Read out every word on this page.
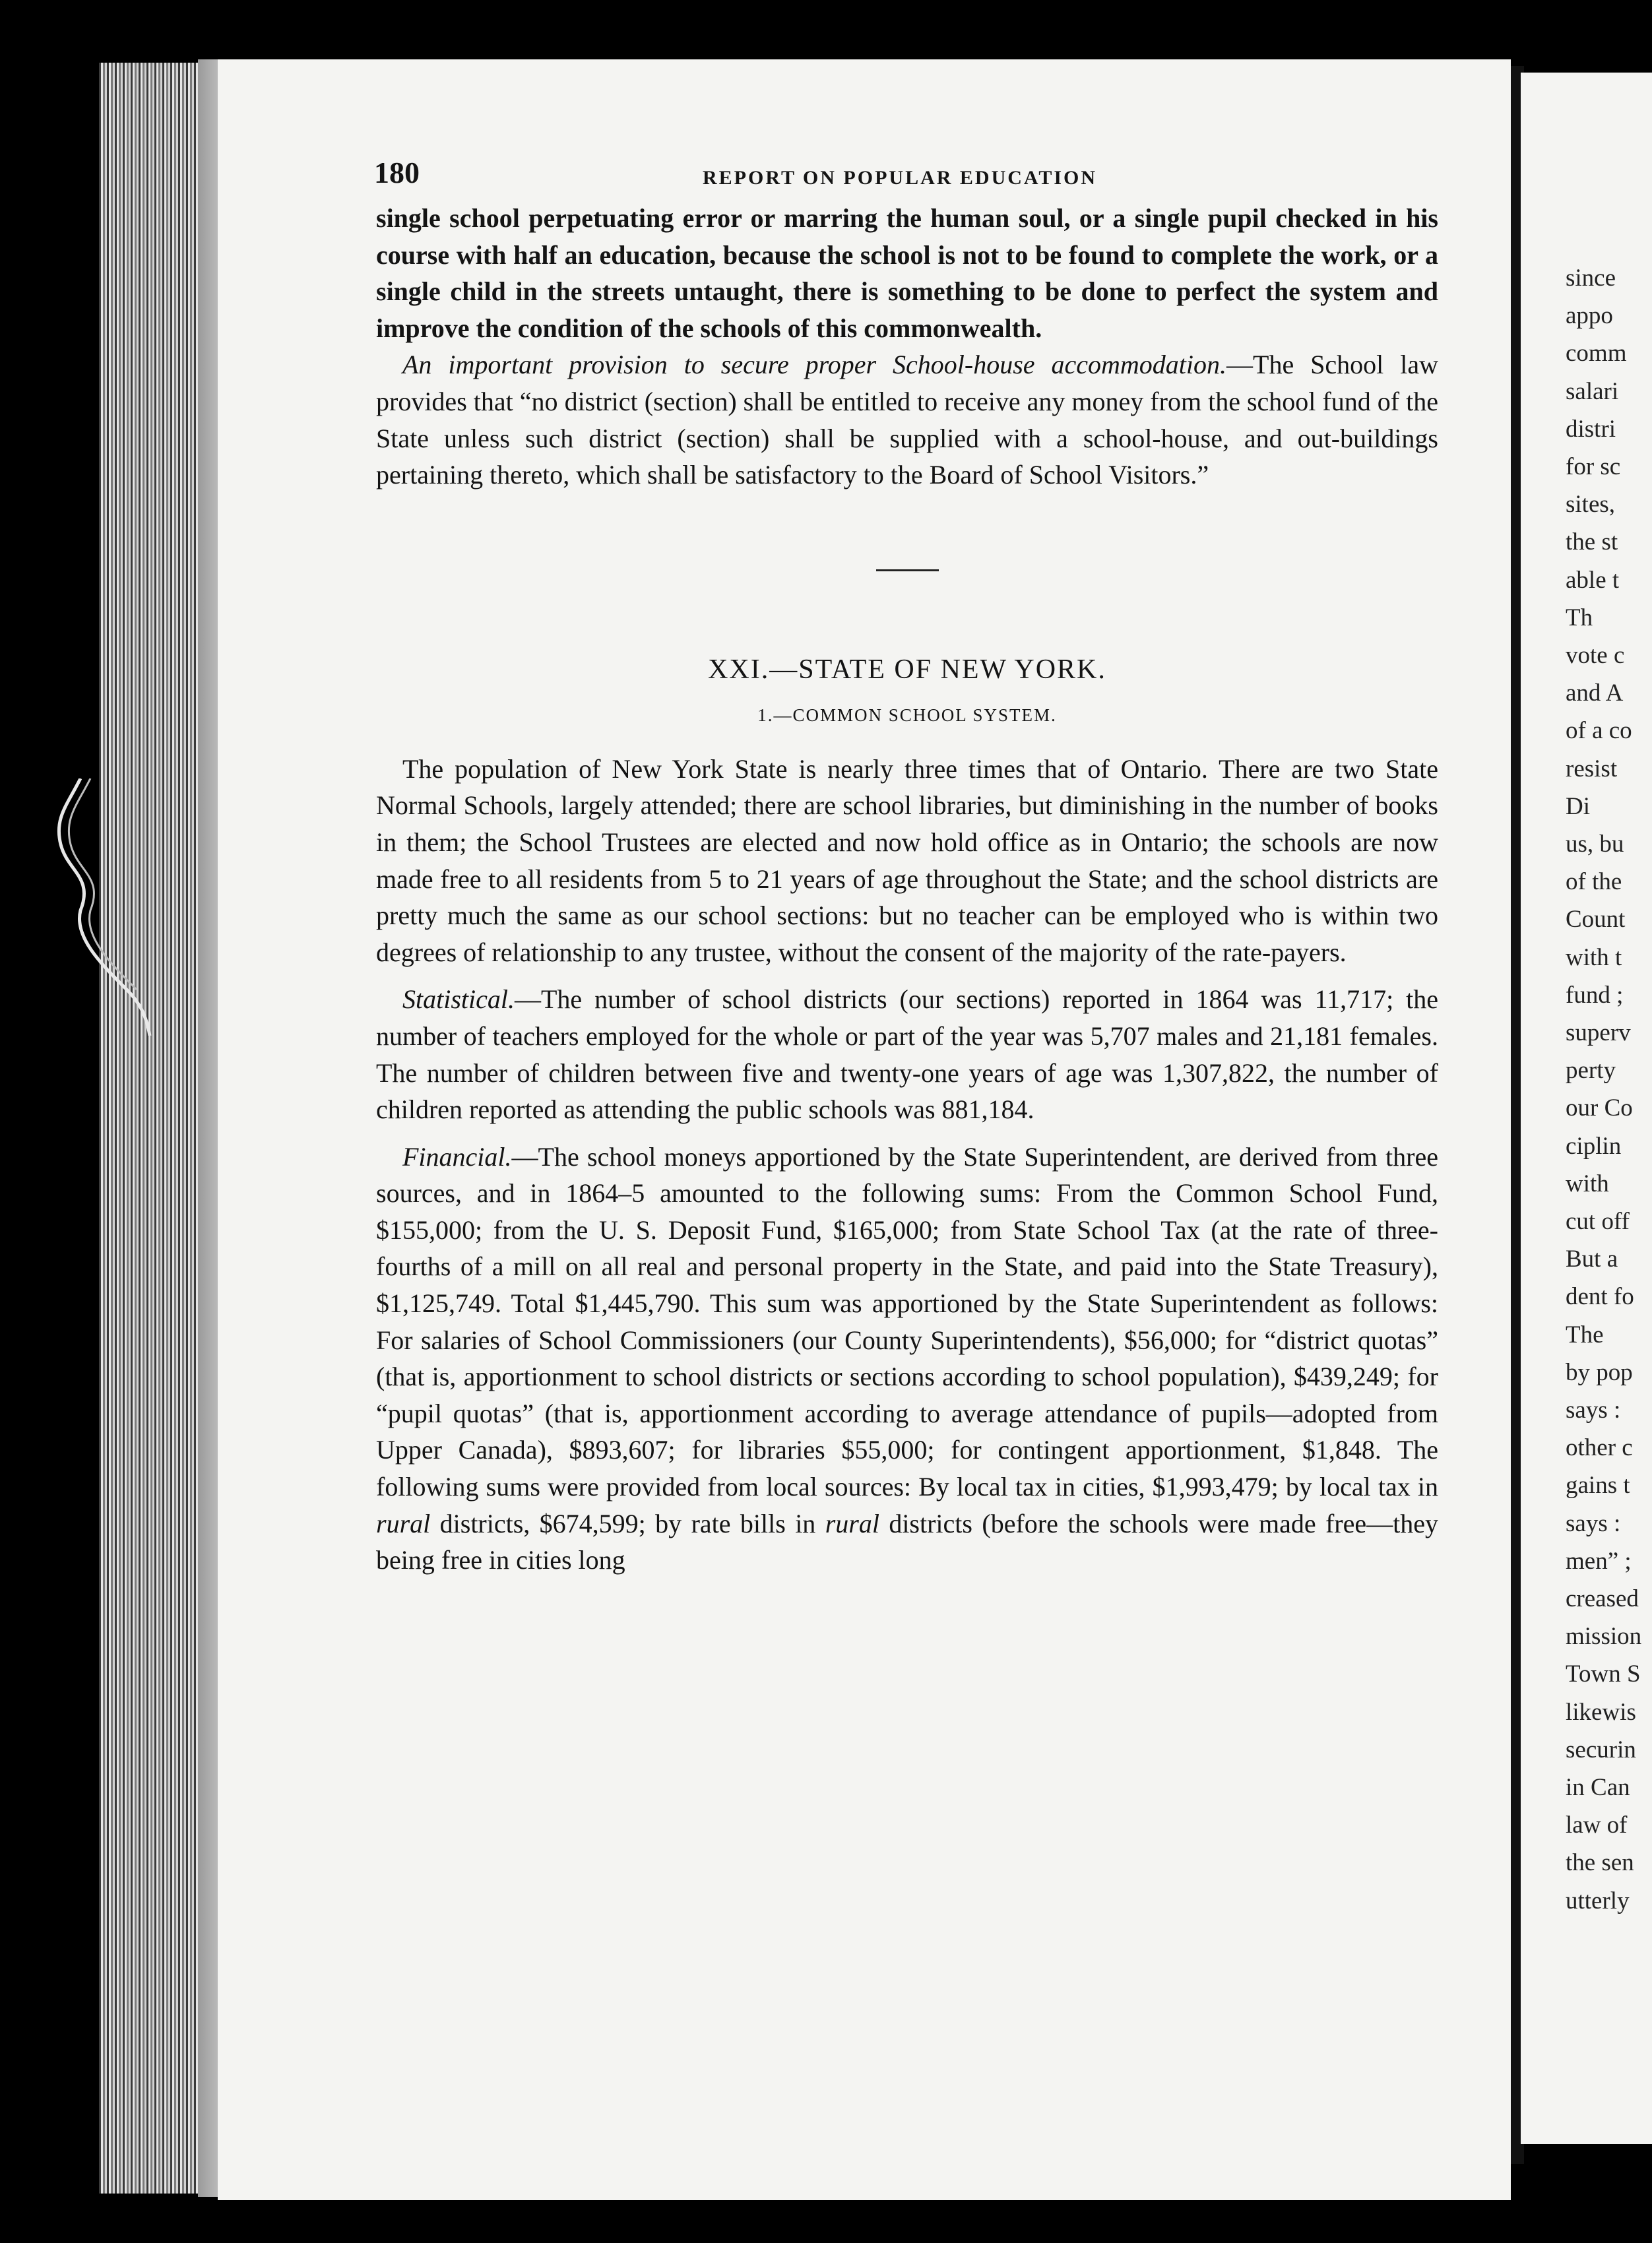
since
appo
comm
salari
distri
for sc
sites,
the st
able t
Th
vote c
and A
of a co
resist
Di
us, bu
of the
Count
with t
fund ;
superv
perty
our Co
ciplin
with
cut off
But a
dent fo
The
by pop
says :
other c
gains t
says :
men” ;
creased
mission
Town S
likewis
securin
in Can
law of
the sen
utterly
180	REPORT ON POPULAR EDUCATION

single school perpetuating error or marring the human soul, or a single pupil checked in his course with half an education, because the school is not to be found to complete the work, or a single child in the streets untaught, there is something to be done to perfect the system and improve the condition of the schools of this commonwealth.

An important provision to secure proper School-house accommodation.—The School law provides that “no district (section) shall be entitled to receive any money from the school fund of the State unless such district (section) shall be supplied with a school-house, and out-buildings pertaining thereto, which shall be satisfactory to the Board of School Visitors.”

XXI.—STATE OF NEW YORK.
1.—COMMON SCHOOL SYSTEM.

The population of New York State is nearly three times that of Ontario. There are two State Normal Schools, largely attended; there are school libraries, but diminishing in the number of books in them; the School Trustees are elected and now hold office as in Ontario; the schools are now made free to all residents from 5 to 21 years of age throughout the State; and the school districts are pretty much the same as our school sections: but no teacher can be employed who is within two degrees of relationship to any trustee, without the consent of the majority of the rate-payers.

Statistical.—The number of school districts (our sections) reported in 1864 was 11,717; the number of teachers employed for the whole or part of the year was 5,707 males and 21,181 females. The number of children between five and twenty-one years of age was 1,307,822, the number of children reported as attending the public schools was 881,184.

Financial.—The school moneys apportioned by the State Superintendent, are derived from three sources, and in 1864–5 amounted to the following sums: From the Common School Fund, $155,000; from the U. S. Deposit Fund, $165,000; from State School Tax (at the rate of three-fourths of a mill on all real and personal property in the State, and paid into the State Treasury), $1,125,749. Total $1,445,790. This sum was apportioned by the State Superintendent as follows: For salaries of School Commissioners (our County Superintendents), $56,000; for “district quotas” (that is, apportionment to school districts or sections according to school population), $439,249; for “pupil quotas” (that is, apportionment according to average attendance of pupils—adopted from Upper Canada), $893,607; for libraries $55,000; for contingent apportionment, $1,848. The following sums were provided from local sources: By local tax in cities, $1,993,479; by local tax in rural districts, $674,599; by rate bills in rural districts (before the schools were made free—they being free in cities long
